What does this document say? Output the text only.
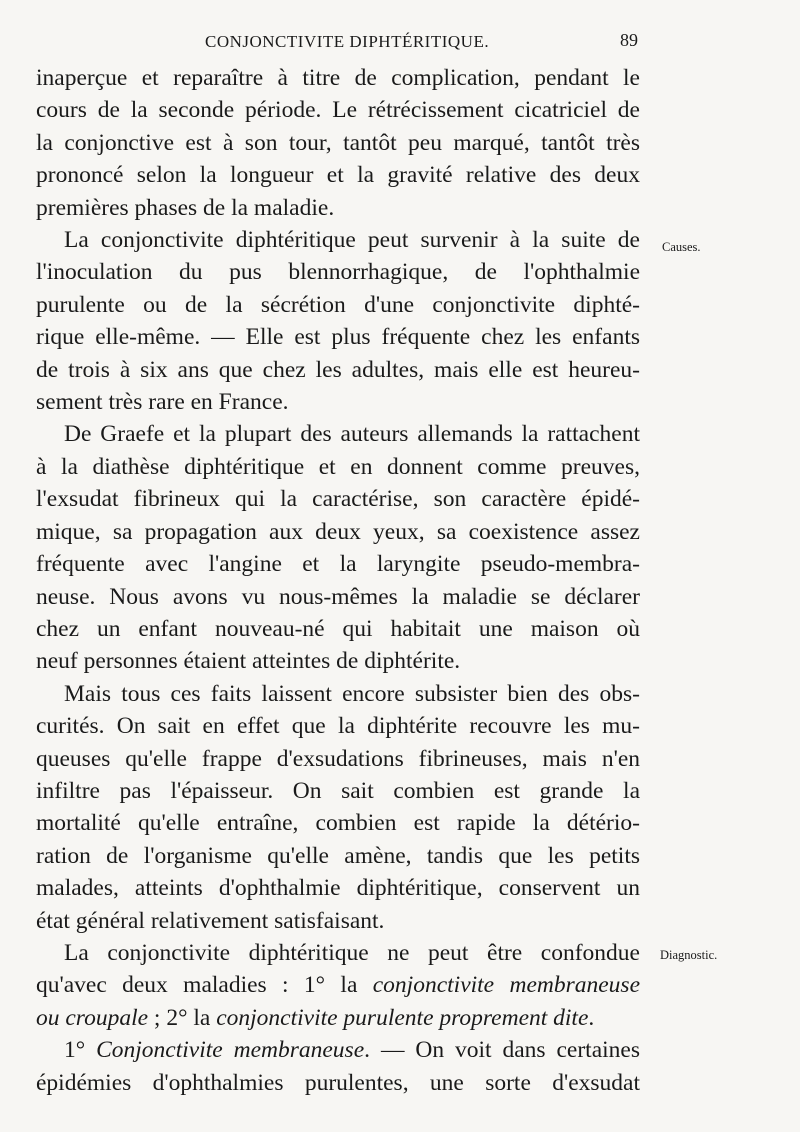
CONJONCTIVITE DIPHTÉRITIQUE.	89
Causes.
Diagnostic.
inaperçue et reparaître à titre de complication, pendant le
cours de la seconde période. Le rétrécissement cicatriciel de
la conjonctive est à son tour, tantôt peu marqué, tantôt très
prononcé selon la longueur et la gravité relative des deux
premières phases de la maladie.
La conjonctivite diphtéritique peut survenir à la suite de
l'inoculation du pus blennorrhagique, de l'ophthalmie
purulente ou de la sécrétion d'une conjonctivite diphté-
rique elle-même. — Elle est plus fréquente chez les enfants
de trois à six ans que chez les adultes, mais elle est heureu-
sement très rare en France.
De Graefe et la plupart des auteurs allemands la rattachent
à la diathèse diphtéritique et en donnent comme preuves,
l'exsudat fibrineux qui la caractérise, son caractère épidé-
mique, sa propagation aux deux yeux, sa coexistence assez
fréquente avec l'angine et la laryngite pseudo-membra-
neuse. Nous avons vu nous-mêmes la maladie se déclarer
chez un enfant nouveau-né qui habitait une maison où
neuf personnes étaient atteintes de diphtérite.
Mais tous ces faits laissent encore subsister bien des obs-
curités. On sait en effet que la diphtérite recouvre les mu-
queuses qu'elle frappe d'exsudations fibrineuses, mais n'en
infiltre pas l'épaisseur. On sait combien est grande la
mortalité qu'elle entraîne, combien est rapide la détério-
ration de l'organisme qu'elle amène, tandis que les petits
malades, atteints d'ophthalmie diphtéritique, conservent un
état général relativement satisfaisant.
La conjonctivite diphtéritique ne peut être confondue
qu'avec deux maladies : 1° la conjonctivite membraneuse
ou croupale ; 2° la conjonctivite purulente proprement dite.
1° Conjonctivite membraneuse. — On voit dans certaines
épidémies d'ophthalmies purulentes, une sorte d'exsudat
